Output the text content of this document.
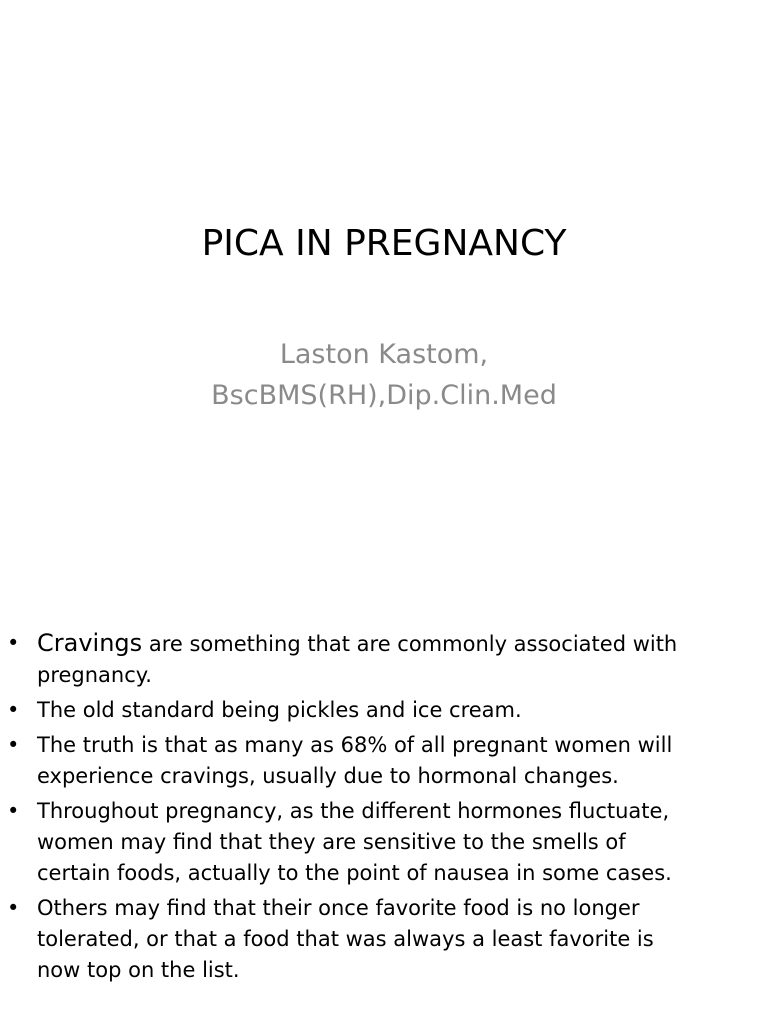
PICA IN PREGNANCY
Laston Kastom,
BscBMS(RH),Dip.Clin.Med
• Cravings are something that are commonly associated with pregnancy.
• The old standard being pickles and ice cream.
• The truth is that as many as 68% of all pregnant women will experience cravings, usually due to hormonal changes.
• Throughout pregnancy, as the different hormones fluctuate, women may find that they are sensitive to the smells of certain foods, actually to the point of nausea in some cases.
• Others may find that their once favorite food is no longer tolerated, or that a food that was always a least favorite is now top on the list.
